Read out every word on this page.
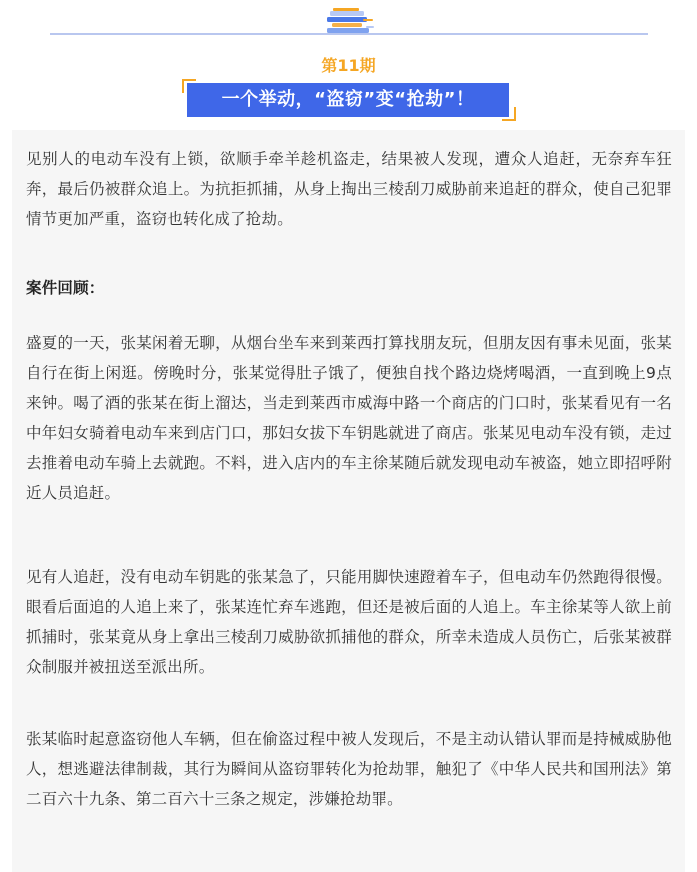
第11期
一个举动，“盗窃”变“抢劫”！

见别人的电动车没有上锁，欲顺手牵羊趁机盗走，结果被人发现，遭众人追赶，无奈弃车狂奔，最后仍被群众追上。为抗拒抓捕，从身上掏出三棱刮刀威胁前来追赶的群众，使自己犯罪情节更加严重，盗窃也转化成了抢劫。

案件回顾：

盛夏的一天，张某闲着无聊，从烟台坐车来到莱西打算找朋友玩，但朋友因有事未见面，张某自行在街上闲逛。傍晚时分，张某觉得肚子饿了，便独自找个路边烧烤喝酒，一直到晚上9点来钟。喝了酒的张某在街上溜达，当走到莱西市威海中路一个商店的门口时，张某看见有一名中年妇女骑着电动车来到店门口，那妇女拔下车钥匙就进了商店。张某见电动车没有锁，走过去推着电动车骑上去就跑。不料，进入店内的车主徐某随后就发现电动车被盗，她立即招呼附近人员追赶。

见有人追赶，没有电动车钥匙的张某急了，只能用脚快速蹬着车子，但电动车仍然跑得很慢。眼看后面追的人追上来了，张某连忙弃车逃跑，但还是被后面的人追上。车主徐某等人欲上前抓捕时，张某竟从身上拿出三棱刮刀威胁欲抓捕他的群众，所幸未造成人员伤亡，后张某被群众制服并被扭送至派出所。

张某临时起意盗窃他人车辆，但在偷盗过程中被人发现后，不是主动认错认罪而是持械威胁他人，想逃避法律制裁，其行为瞬间从盗窃罪转化为抢劫罪，触犯了《中华人民共和国刑法》第二百六十九条、第二百六十三条之规定，涉嫌抢劫罪。
